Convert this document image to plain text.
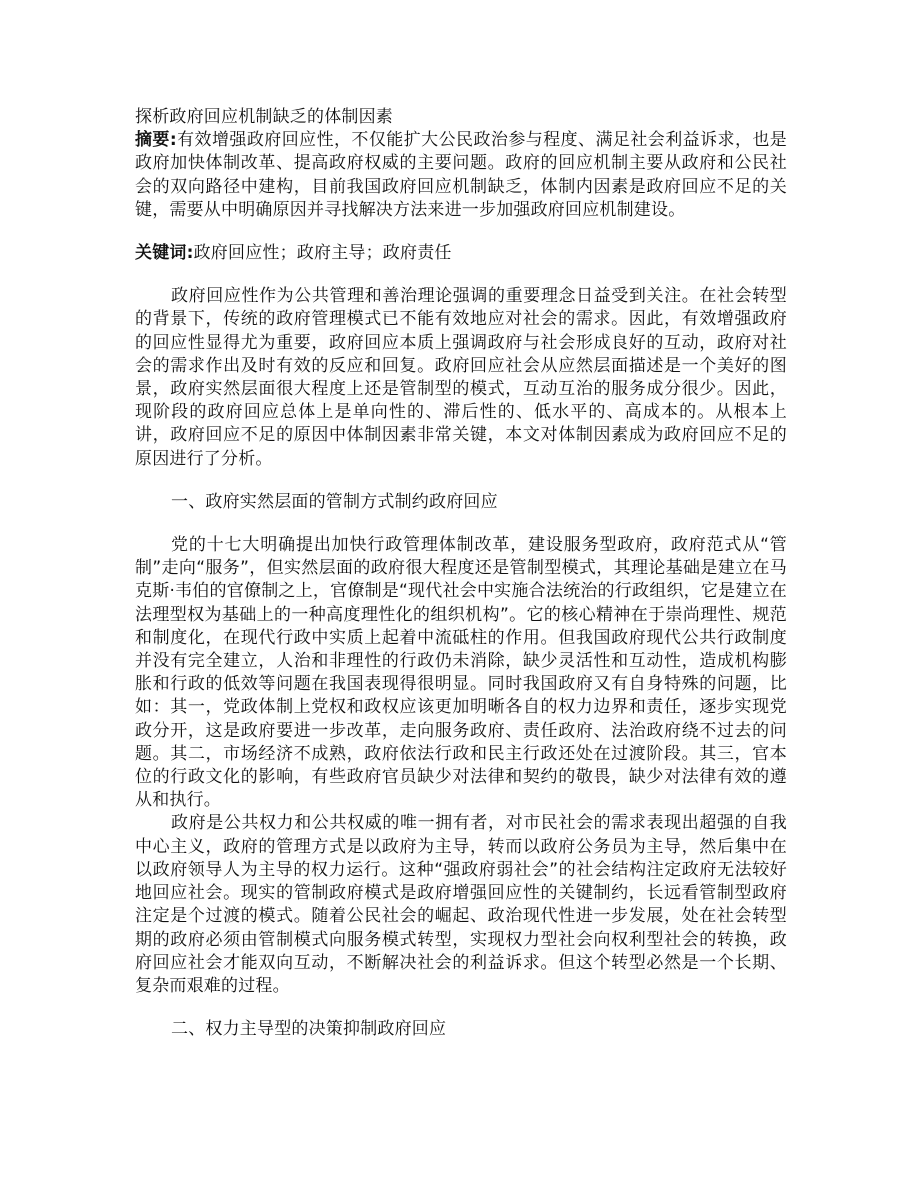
探析政府回应机制缺乏的体制因素

摘要:有效增强政府回应性，不仅能扩大公民政治参与程度、满足社会利益诉求，也是政府加快体制改革、提高政府权威的主要问题。政府的回应机制主要从政府和公民社会的双向路径中建构，目前我国政府回应机制缺乏，体制内因素是政府回应不足的关键，需要从中明确原因并寻找解决方法来进一步加强政府回应机制建设。

关键词:政府回应性；政府主导；政府责任

政府回应性作为公共管理和善治理论强调的重要理念日益受到关注。在社会转型的背景下，传统的政府管理模式已不能有效地应对社会的需求。因此，有效增强政府的回应性显得尤为重要，政府回应本质上强调政府与社会形成良好的互动，政府对社会的需求作出及时有效的反应和回复。政府回应社会从应然层面描述是一个美好的图景，政府实然层面很大程度上还是管制型的模式，互动互治的服务成分很少。因此，现阶段的政府回应总体上是单向性的、滞后性的、低水平的、高成本的。从根本上讲，政府回应不足的原因中体制因素非常关键，本文对体制因素成为政府回应不足的原因进行了分析。

一、政府实然层面的管制方式制约政府回应

党的十七大明确提出加快行政管理体制改革，建设服务型政府，政府范式从“管制”走向“服务”，但实然层面的政府很大程度还是管制型模式，其理论基础是建立在马克斯·韦伯的官僚制之上，官僚制是“现代社会中实施合法统治的行政组织，它是建立在法理型权为基础上的一种高度理性化的组织机构”。它的核心精神在于崇尚理性、规范和制度化，在现代行政中实质上起着中流砥柱的作用。但我国政府现代公共行政制度并没有完全建立，人治和非理性的行政仍未消除，缺少灵活性和互动性，造成机构膨胀和行政的低效等问题在我国表现得很明显。同时我国政府又有自身特殊的问题，比如：其一，党政体制上党权和政权应该更加明晰各自的权力边界和责任，逐步实现党政分开，这是政府要进一步改革，走向服务政府、责任政府、法治政府绕不过去的问题。其二，市场经济不成熟，政府依法行政和民主行政还处在过渡阶段。其三，官本位的行政文化的影响，有些政府官员缺少对法律和契约的敬畏，缺少对法律有效的遵从和执行。

政府是公共权力和公共权威的唯一拥有者，对市民社会的需求表现出超强的自我中心主义，政府的管理方式是以政府为主导，转而以政府公务员为主导，然后集中在以政府领导人为主导的权力运行。这种“强政府弱社会”的社会结构注定政府无法较好地回应社会。现实的管制政府模式是政府增强回应性的关键制约，长远看管制型政府注定是个过渡的模式。随着公民社会的崛起、政治现代性进一步发展，处在社会转型期的政府必须由管制模式向服务模式转型，实现权力型社会向权利型社会的转换，政府回应社会才能双向互动，不断解决社会的利益诉求。但这个转型必然是一个长期、复杂而艰难的过程。

二、权力主导型的决策抑制政府回应
